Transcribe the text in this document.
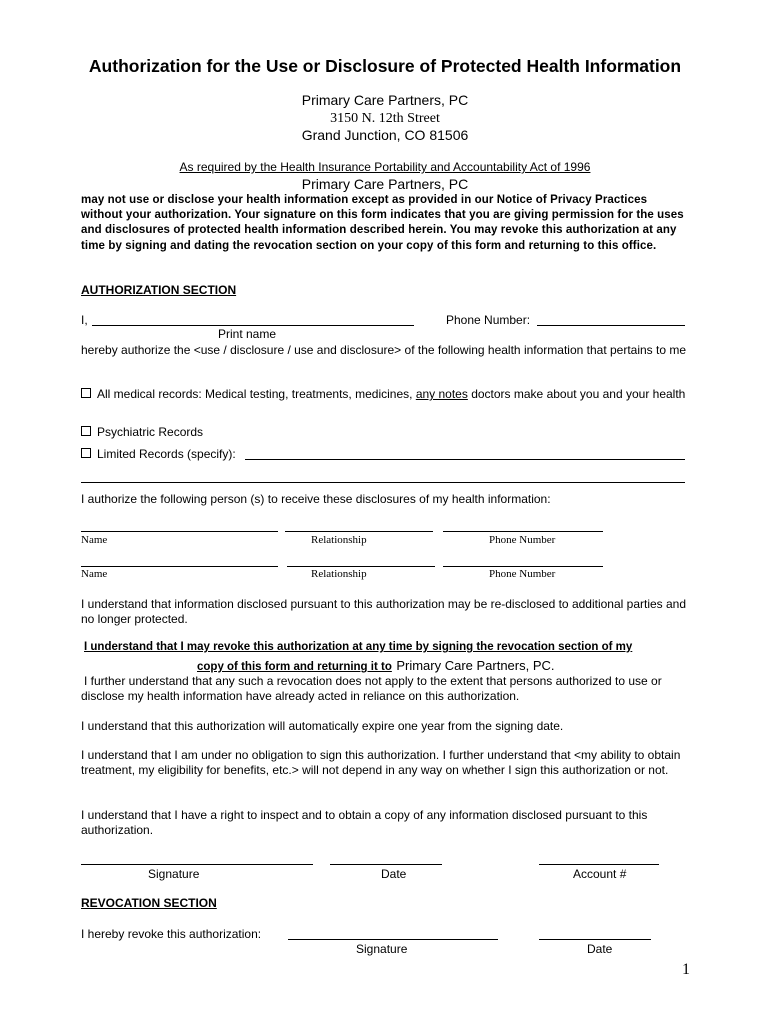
Authorization for the Use or Disclosure of Protected Health Information
Primary Care Partners, PC
3150 N. 12th Street
Grand Junction, CO 81506
As required by the Health Insurance Portability and Accountability Act of 1996
Primary Care Partners, PC
may not use or disclose your health information except as provided in our Notice of Privacy Practices without your authorization. Your signature on this form indicates that you are giving permission for the uses and disclosures of protected health information described herein. You may revoke this authorization at any time by signing and dating the revocation section on your copy of this form and returning to this office.
AUTHORIZATION SECTION
I,	Phone Number:
Print name
hereby authorize the <use / disclosure / use and disclosure> of the following health information that pertains to me
All medical records: Medical testing, treatments, medicines, any notes doctors make about you and your health
Psychiatric Records
Limited Records (specify):
I authorize the following person (s) to receive these disclosures of my health information:
Name	Relationship	Phone Number
Name	Relationship	Phone Number
I understand that information disclosed pursuant to this authorization may be re-disclosed to additional parties and no longer protected.
I understand that I may revoke this authorization at any time by signing the revocation section of my
copy of this form and returning it to Primary Care Partners, PC.
I further understand that any such a revocation does not apply to the extent that persons authorized to use or disclose my health information have already acted in reliance on this authorization.
I understand that this authorization will automatically expire one year from the signing date.
I understand that I am under no obligation to sign this authorization. I further understand that <my ability to obtain treatment, my eligibility for benefits, etc.> will not depend in any way on whether I sign this authorization or not.
I understand that I have a right to inspect and to obtain a copy of any information disclosed pursuant to this authorization.
Signature	Date	Account #
REVOCATION SECTION
I hereby revoke this authorization:
Signature	Date
1
